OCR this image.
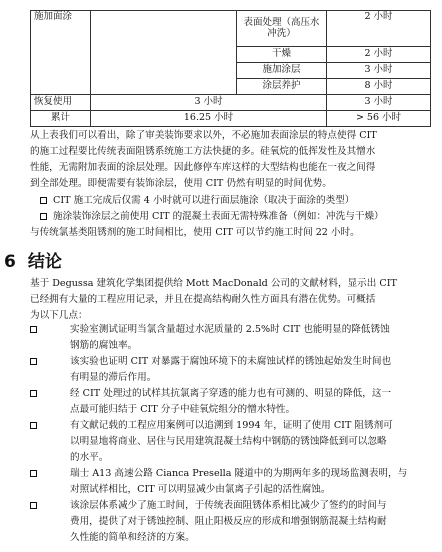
施加面涂		表面处理（高压水冲洗）	2 小时
		干燥	2 小时
		施加涂层	3 小时
		涂层养护	8 小时
恢复使用	3 小时		3 小时
累计	16.25 小时		> 56 小时
从上表我们可以看出，除了审美装饰要求以外，不必施加表面涂层的特点使得 CIT
的施工过程要比传统表面阻锈系统施工方法快捷的多。硅氧烷的低挥发性及其憎水
性能，无需附加表面的涂层处理。因此修停车库这样的大型结构也能在一夜之间得
到全部处理。即便需要有装饰涂层，使用 CIT 仍然有明显的时间优势。
CIT 施工完成后仅需 4 小时就可以进行面层施涂（取决于面涂的类型）
施涂装饰涂层之前使用 CIT 的混凝土表面无需特殊准备（例如：冲洗与干燥）
与传统氯基类阻锈剂的施工时间相比，使用 CIT 可以节约施工时间 22 小时。
6 结论
基于 Degussa 建筑化学集团提供给 Mott MacDonald 公司的文献材料，显示出 CIT
已经拥有大量的工程应用记录，并且在提高结构耐久性方面具有潜在优势。可概括
为以下几点：
实验室测试证明当氯含量超过水泥质量的 2.5%时 CIT 也能明显的降低锈蚀
钢筋的腐蚀率。
该实验也证明 CIT 对暴露于腐蚀环境下的未腐蚀试样的锈蚀起始发生时间也
有明显的滞后作用。
经 CIT 处理过的试样其抗氯离子穿透的能力也有可测的、明显的降低，这一
点最可能归结于 CIT 分子中硅氧烷组分的憎水特性。
有文献记载的工程应用案例可以追溯到 1994 年，证明了使用 CIT 阻锈剂可
以明显地将商业、居住与民用建筑混凝土结构中钢筋的锈蚀降低到可以忽略
的水平。
瑞士 A13 高速公路 Cianca Presella 隧道中的为期两年多的现场监测表明，与
对照试样相比，CIT 可以明显减少由氯离子引起的活性腐蚀。
该涂层体系减少了施工时间，于传统表面阻锈体系相比减少了签约的时间与
费用，提供了对于锈蚀控制、阻止阳极反应的形成和增强钢筋混凝土结构耐
久性能的简单和经济的方案。
